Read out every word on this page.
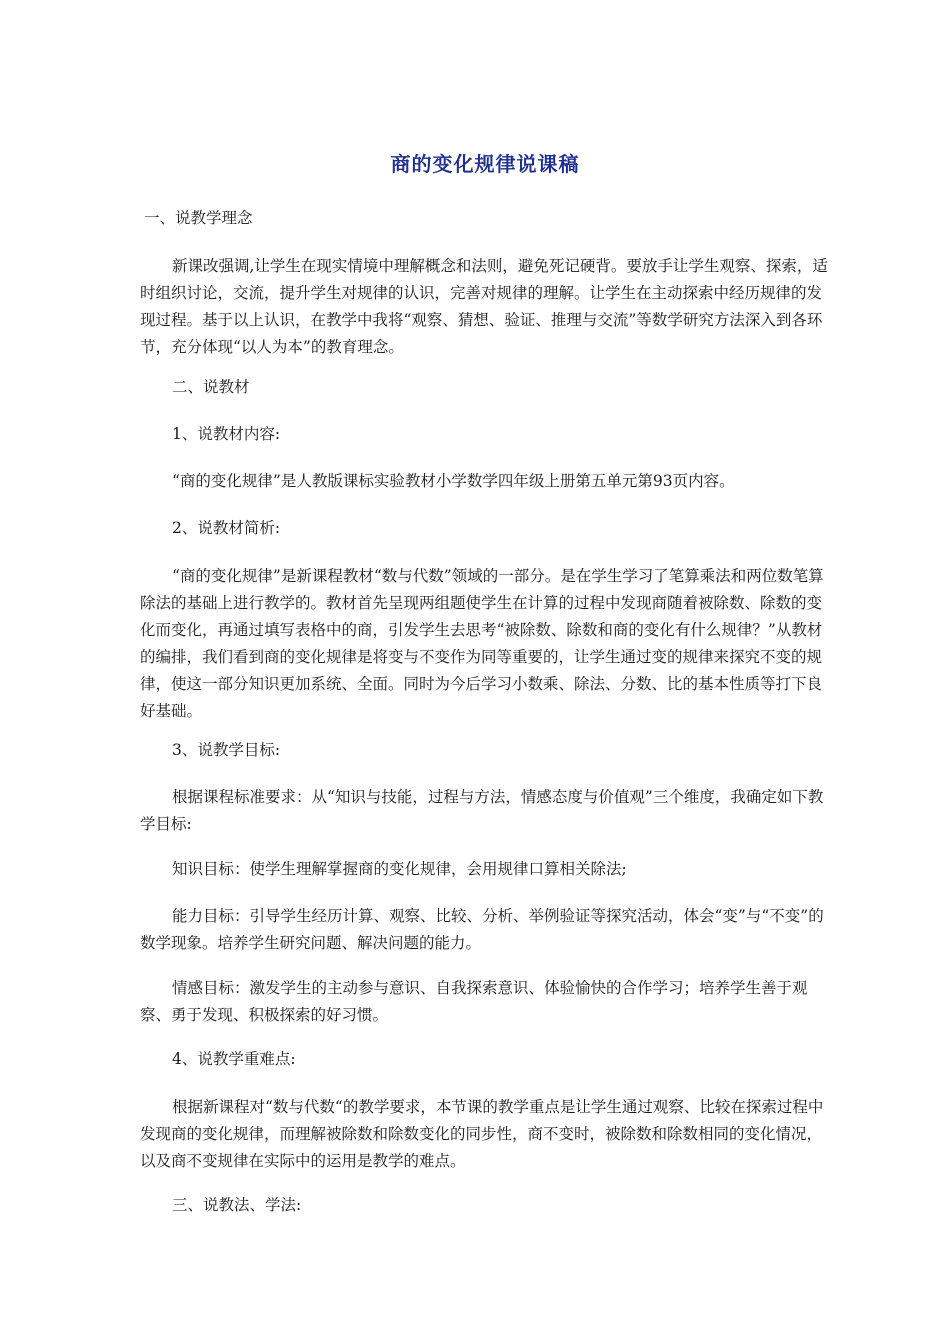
商的变化规律说课稿

一、说教学理念

新课改强调,让学生在现实情境中理解概念和法则，避免死记硬背。要放手让学生观察、探索，适时组织讨论，交流，提升学生对规律的认识，完善对规律的理解。让学生在主动探索中经历规律的发现过程。基于以上认识，在教学中我将“观察、猜想、验证、推理与交流”等数学研究方法深入到各环节，充分体现“以人为本”的教育理念。

二、说教材

1、说教材内容:

“商的变化规律”是人教版课标实验教材小学数学四年级上册第五单元第93页内容。

2、说教材简析:

“商的变化规律”是新课程教材“数与代数”领域的一部分。是在学生学习了笔算乘法和两位数笔算除法的基础上进行教学的。教材首先呈现两组题使学生在计算的过程中发现商随着被除数、除数的变化而变化，再通过填写表格中的商，引发学生去思考“被除数、除数和商的变化有什么规律？”从教材的编排，我们看到商的变化规律是将变与不变作为同等重要的，让学生通过变的规律来探究不变的规律，使这一部分知识更加系统、全面。同时为今后学习小数乘、除法、分数、比的基本性质等打下良好基础。

3、说教学目标:

根据课程标准要求：从“知识与技能，过程与方法，情感态度与价值观”三个维度，我确定如下教学目标:

知识目标：使学生理解掌握商的变化规律，会用规律口算相关除法;

能力目标：引导学生经历计算、观察、比较、分析、举例验证等探究活动，体会“变”与“不变”的数学现象。培养学生研究问题、解决问题的能力。

情感目标：激发学生的主动参与意识、自我探索意识、体验愉快的合作学习；培养学生善于观察、勇于发现、积极探索的好习惯。

4、说教学重难点:

根据新课程对“数与代数“的教学要求，本节课的教学重点是让学生通过观察、比较在探索过程中发现商的变化规律，而理解被除数和除数变化的同步性，商不变时，被除数和除数相同的变化情况，以及商不变规律在实际中的运用是教学的难点。

三、说教法、学法:
